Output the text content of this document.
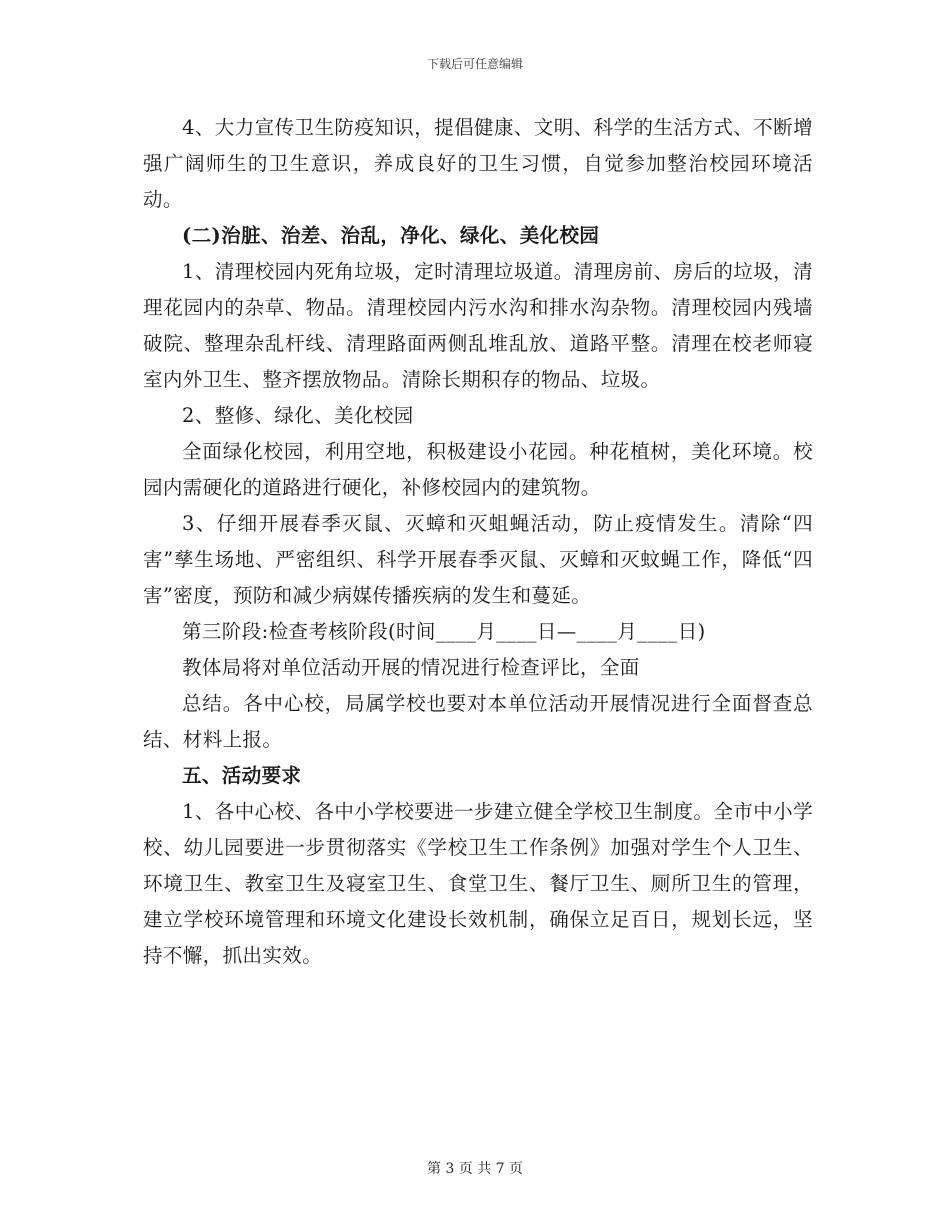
下载后可任意编辑

4、大力宣传卫生防疫知识，提倡健康、文明、科学的生活方式、不断增强广阔师生的卫生意识，养成良好的卫生习惯，自觉参加整治校园环境活动。

(二)治脏、治差、治乱，净化、绿化、美化校园

1、清理校园内死角垃圾，定时清理垃圾道。清理房前、房后的垃圾，清理花园内的杂草、物品。清理校园内污水沟和排水沟杂物。清理校园内残墙破院、整理杂乱杆线、清理路面两侧乱堆乱放、道路平整。清理在校老师寝室内外卫生、整齐摆放物品。清除长期积存的物品、垃圾。

2、整修、绿化、美化校园

全面绿化校园，利用空地，积极建设小花园。种花植树，美化环境。校园内需硬化的道路进行硬化，补修校园内的建筑物。

3、仔细开展春季灭鼠、灭蟑和灭蛆蝇活动，防止疫情发生。清除“四害”孳生场地、严密组织、科学开展春季灭鼠、灭蟑和灭蚊蝇工作，降低“四害”密度，预防和减少病媒传播疾病的发生和蔓延。

第三阶段:检查考核阶段(时间____月____日—____月____日)

教体局将对单位活动开展的情况进行检查评比，全面

总结。各中心校，局属学校也要对本单位活动开展情况进行全面督查总结、材料上报。

五、活动要求

1、各中心校、各中小学校要进一步建立健全学校卫生制度。全市中小学校、幼儿园要进一步贯彻落实《学校卫生工作条例》加强对学生个人卫生、环境卫生、教室卫生及寝室卫生、食堂卫生、餐厅卫生、厕所卫生的管理，建立学校环境管理和环境文化建设长效机制，确保立足百日，规划长远，坚持不懈，抓出实效。

第 3 页 共 7 页
